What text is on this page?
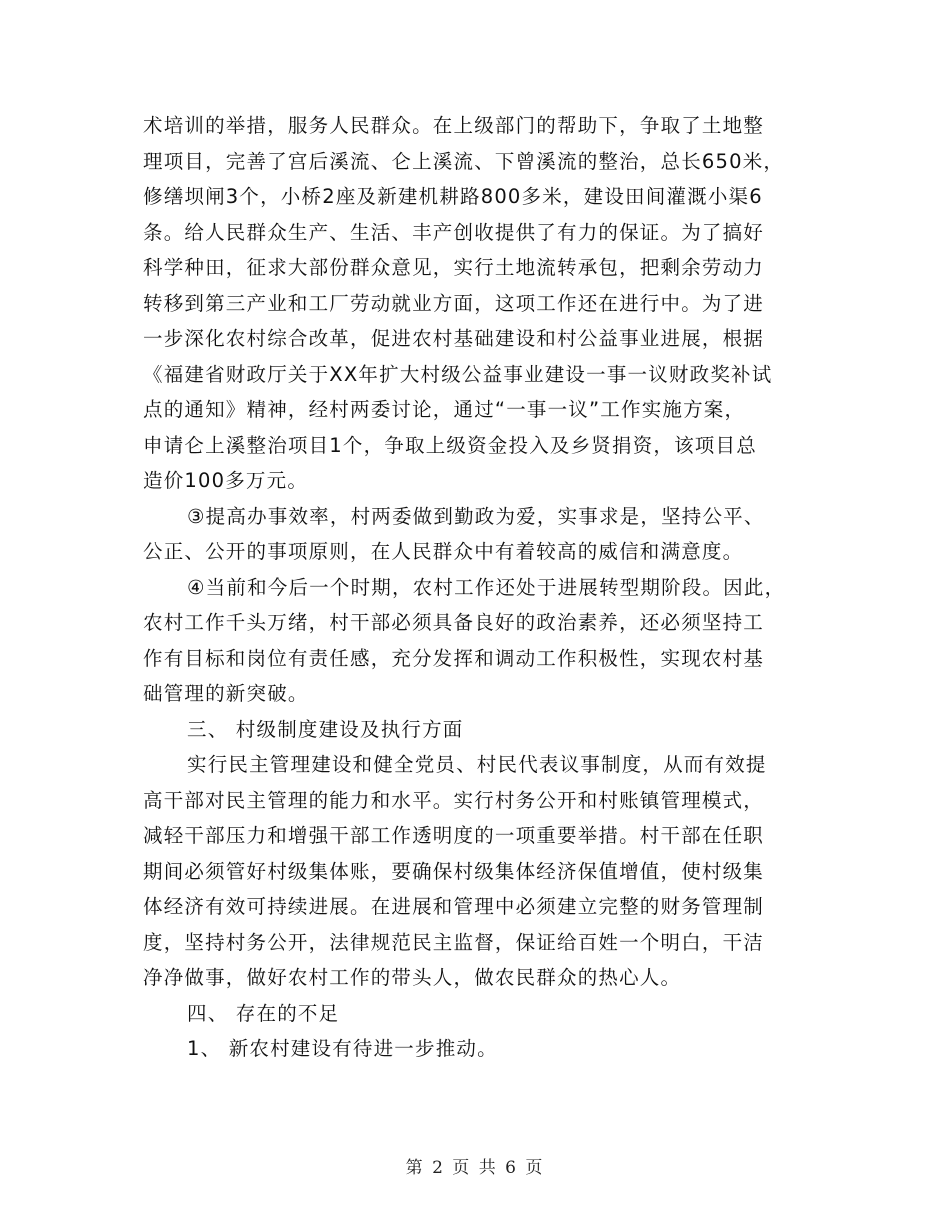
术培训的举措，服务人民群众。在上级部门的帮助下，争取了土地整
理项目，完善了宫后溪流、仑上溪流、下曾溪流的整治，总长650米，
修缮坝闸3个，小桥2座及新建机耕路800多米，建设田间灌溉小渠6
条。给人民群众生产、生活、丰产创收提供了有力的保证。为了搞好
科学种田，征求大部份群众意见，实行土地流转承包，把剩余劳动力
转移到第三产业和工厂劳动就业方面，这项工作还在进行中。为了进
一步深化农村综合改革，促进农村基础建设和村公益事业进展，根据
《福建省财政厅关于XX年扩大村级公益事业建设一事一议财政奖补试
点的通知》精神，经村两委讨论，通过“一事一议”工作实施方案，
申请仑上溪整治项目1个，争取上级资金投入及乡贤捐资，该项目总
造价100多万元。
③提高办事效率，村两委做到勤政为爱，实事求是，坚持公平、
公正、公开的事项原则，在人民群众中有着较高的威信和满意度。
④当前和今后一个时期，农村工作还处于进展转型期阶段。因此，
农村工作千头万绪，村干部必须具备良好的政治素养，还必须坚持工
作有目标和岗位有责任感，充分发挥和调动工作积极性，实现农村基
础管理的新突破。

三、 村级制度建设及执行方面

实行民主管理建设和健全党员、村民代表议事制度，从而有效提
高干部对民主管理的能力和水平。实行村务公开和村账镇管理模式，
减轻干部压力和增强干部工作透明度的一项重要举措。村干部在任职
期间必须管好村级集体账，要确保村级集体经济保值增值，使村级集
体经济有效可持续进展。在进展和管理中必须建立完整的财务管理制
度，坚持村务公开，法律规范民主监督，保证给百姓一个明白，干洁
净净做事，做好农村工作的带头人，做农民群众的热心人。

四、 存在的不足

1、 新农村建设有待进一步推动。

第 2 页 共 6 页
